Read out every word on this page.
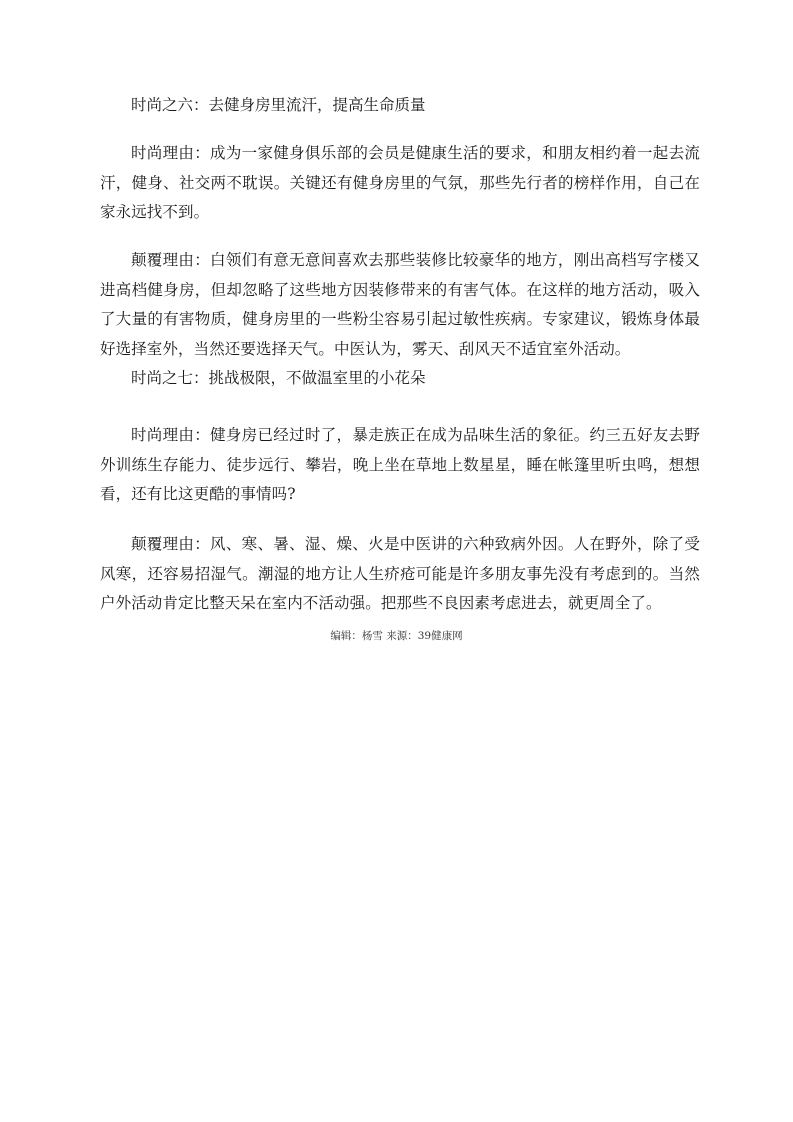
时尚之六：去健身房里流汗，提高生命质量

时尚理由：成为一家健身俱乐部的会员是健康生活的要求，和朋友相约着一起去流汗，健身、社交两不耽误。关键还有健身房里的气氛，那些先行者的榜样作用，自己在家永远找不到。

颠覆理由：白领们有意无意间喜欢去那些装修比较豪华的地方，刚出高档写字楼又进高档健身房，但却忽略了这些地方因装修带来的有害气体。在这样的地方活动，吸入了大量的有害物质，健身房里的一些粉尘容易引起过敏性疾病。专家建议，锻炼身体最好选择室外，当然还要选择天气。中医认为，雾天、刮风天不适宜室外活动。

时尚之七：挑战极限，不做温室里的小花朵

时尚理由：健身房已经过时了，暴走族正在成为品味生活的象征。约三五好友去野外训练生存能力、徒步远行、攀岩，晚上坐在草地上数星星，睡在帐篷里听虫鸣，想想看，还有比这更酷的事情吗?

颠覆理由：风、寒、暑、湿、燥、火是中医讲的六种致病外因。人在野外，除了受风寒，还容易招湿气。潮湿的地方让人生疥疮可能是许多朋友事先没有考虑到的。当然户外活动肯定比整天呆在室内不活动强。把那些不良因素考虑进去，就更周全了。

编辑：杨雪 来源：39健康网
